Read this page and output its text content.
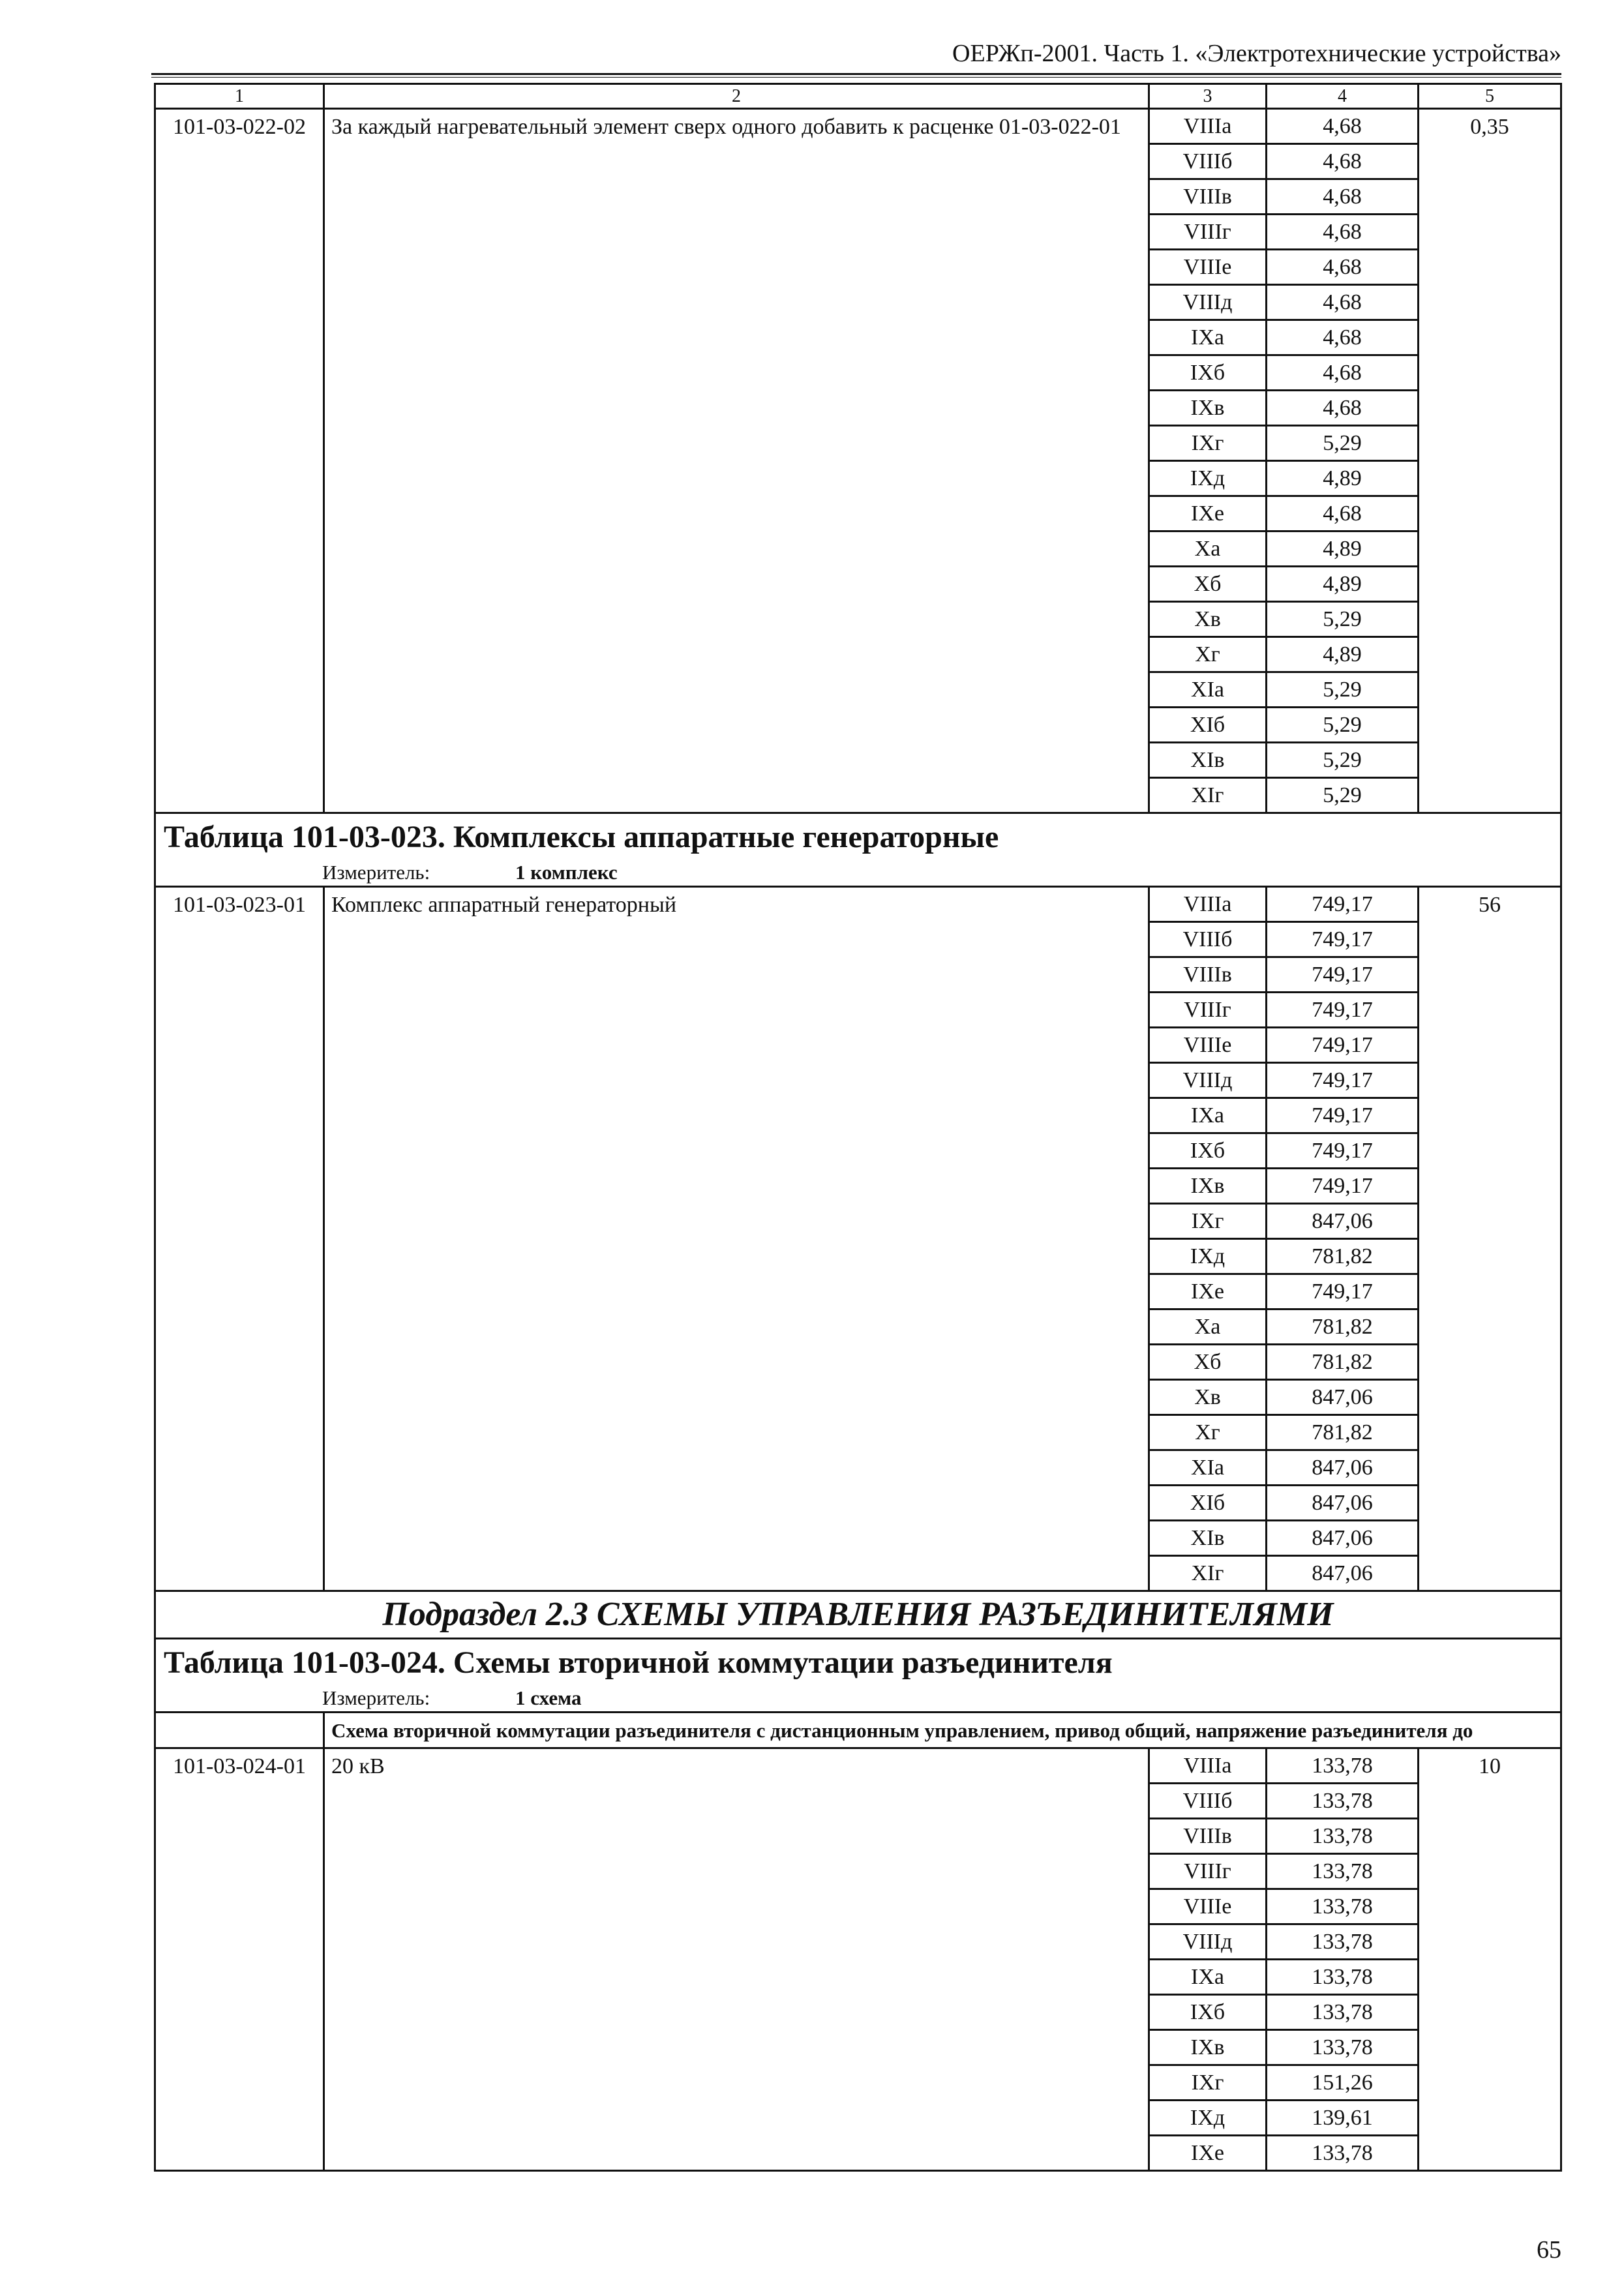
ОЕРЖп-2001. Часть 1. «Электротехнические устройства»
1	2	3	4	5
101-03-022-02	За каждый нагревательный элемент сверх одного добавить к расценке 01-03-022-01	VIIIа	4,68	0,35
		VIIIб	4,68	
		VIIIв	4,68	
		VIIIг	4,68	
		VIIIе	4,68	
		VIIIд	4,68	
		IXа	4,68	
		IXб	4,68	
		IXв	4,68	
		IXг	5,29	
		IXд	4,89	
		IXе	4,68	
		Xа	4,89	
		Xб	4,89	
		Xв	5,29	
		Xг	4,89	
		XIа	5,29	
		XIб	5,29	
		XIв	5,29	
		XIг	5,29	
Таблица 101-03-023. Комплексы аппаратные генераторные				
Измеритель: 1 комплекс				
101-03-023-01	Комплекс аппаратный генераторный	VIIIа	749,17	56
		VIIIб	749,17	
		VIIIв	749,17	
		VIIIг	749,17	
		VIIIе	749,17	
		VIIIд	749,17	
		IXа	749,17	
		IXб	749,17	
		IXв	749,17	
		IXг	847,06	
		IXд	781,82	
		IXе	749,17	
		Xа	781,82	
		Xб	781,82	
		Xв	847,06	
		Xг	781,82	
		XIа	847,06	
		XIб	847,06	
		XIв	847,06	
		XIг	847,06	
Подраздел 2.3 СХЕМЫ УПРАВЛЕНИЯ РАЗЪЕДИНИТЕЛЯМИ				
Таблица 101-03-024. Схемы вторичной коммутации разъединителя				
Измеритель: 1 схема				
	Схема вторичной коммутации разъединителя с дистанционным управлением, привод общий, напряжение разъединителя до			
101-03-024-01	20 кВ	VIIIа	133,78	10
		VIIIб	133,78	
		VIIIв	133,78	
		VIIIг	133,78	
		VIIIе	133,78	
		VIIIд	133,78	
		IXа	133,78	
		IXб	133,78	
		IXв	133,78	
		IXг	151,26	
		IXд	139,61	
		IXе	133,78	
65
